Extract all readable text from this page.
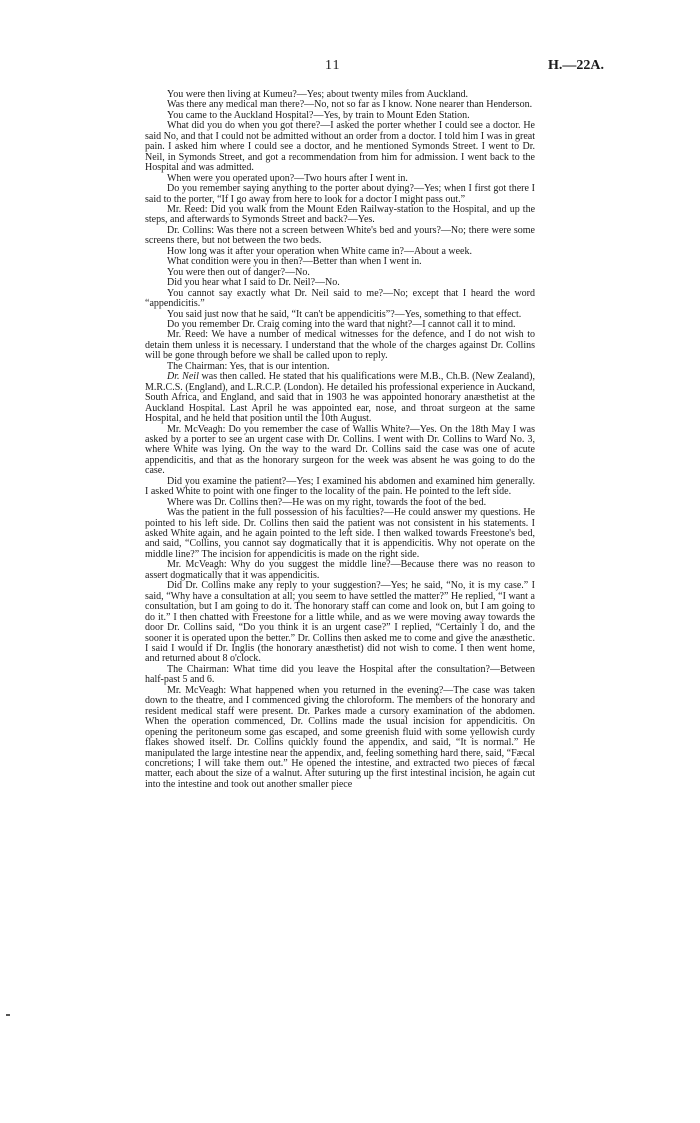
11	H.—22A.

You were then living at Kumeu?—Yes; about twenty miles from Auckland.

Was there any medical man there?—No, not so far as I know. None nearer than Henderson.

You came to the Auckland Hospital?—Yes, by train to Mount Eden Station.

What did you do when you got there?—I asked the porter whether I could see a doctor. He said No, and that I could not be admitted without an order from a doctor. I told him I was in great pain. I asked him where I could see a doctor, and he mentioned Symonds Street. I went to Dr. Neil, in Symonds Street, and got a recommendation from him for admission. I went back to the Hospital and was admitted.

When were you operated upon?—Two hours after I went in.

Do you remember saying anything to the porter about dying?—Yes; when I first got there I said to the porter, “If I go away from here to look for a doctor I might pass out.”

Mr. Reed: Did you walk from the Mount Eden Railway-station to the Hospital, and up the steps, and afterwards to Symonds Street and back?—Yes.

Dr. Collins: Was there not a screen between White's bed and yours?—No; there were some screens there, but not between the two beds.

How long was it after your operation when White came in?—About a week.

What condition were you in then?—Better than when I went in.

You were then out of danger?—No.

Did you hear what I said to Dr. Neil?—No.

You cannot say exactly what Dr. Neil said to me?—No; except that I heard the word “appendicitis.”

You said just now that he said, “It can't be appendicitis”?—Yes, something to that effect.

Do you remember Dr. Craig coming into the ward that night?—I cannot call it to mind.

Mr. Reed: We have a number of medical witnesses for the defence, and I do not wish to detain them unless it is necessary. I understand that the whole of the charges against Dr. Collins will be gone through before we shall be called upon to reply.

The Chairman: Yes, that is our intention.

Dr. Neil was then called. He stated that his qualifications were M.B., Ch.B. (New Zealand), M.R.C.S. (England), and L.R.C.P. (London). He detailed his professional experience in Auckand, South Africa, and England, and said that in 1903 he was appointed honorary anæsthetist at the Auckland Hospital. Last April he was appointed ear, nose, and throat surgeon at the same Hospital, and he held that position until the 10th August.

Mr. McVeagh: Do you remember the case of Wallis White?—Yes. On the 18th May I was asked by a porter to see an urgent case with Dr. Collins. I went with Dr. Collins to Ward No. 3, where White was lying. On the way to the ward Dr. Collins said the case was one of acute appendicitis, and that as the honorary surgeon for the week was absent he was going to do the case.

Did you examine the patient?—Yes; I examined his abdomen and examined him generally. I asked White to point with one finger to the locality of the pain. He pointed to the left side.

Where was Dr. Collins then?—He was on my right, towards the foot of the bed.

Was the patient in the full possession of his faculties?—He could answer my questions. He pointed to his left side. Dr. Collins then said the patient was not consistent in his statements. I asked White again, and he again pointed to the left side. I then walked towards Freestone's bed, and said, “Collins, you cannot say dogmatically that it is appendicitis. Why not operate on the middle line?” The incision for appendicitis is made on the right side.

Mr. McVeagh: Why do you suggest the middle line?—Because there was no reason to assert dogmatically that it was appendicitis.

Did Dr. Collins make any reply to your suggestion?—Yes; he said, “No, it is my case.” I said, “Why have a consultation at all; you seem to have settled the matter?” He replied, “I want a consultation, but I am going to do it. The honorary staff can come and look on, but I am going to do it.” I then chatted with Freestone for a little while, and as we were moving away towards the door Dr. Collins said, “Do you think it is an urgent case?” I replied, “Certainly I do, and the sooner it is operated upon the better.” Dr. Collins then asked me to come and give the anæsthetic. I said I would if Dr. Inglis (the honorary anæsthetist) did not wish to come. I then went home, and returned about 8 o'clock.

The Chairman: What time did you leave the Hospital after the consultation?—Between half-past 5 and 6.

Mr. McVeagh: What happened when you returned in the evening?—The case was taken down to the theatre, and I commenced giving the chloroform. The members of the honorary and resident medical staff were present. Dr. Parkes made a cursory examination of the abdomen. When the operation commenced, Dr. Collins made the usual incision for appendicitis. On opening the peritoneum some gas escaped, and some greenish fluid with some yellowish curdy flakes showed itself. Dr. Collins quickly found the appendix, and said, “It is normal.” He manipulated the large intestine near the appendix, and, feeling something hard there, said, “Fæcal concretions; I will take them out.” He opened the intestine, and extracted two pieces of fæcal matter, each about the size of a walnut. After suturing up the first intestinal incision, he again cut into the intestine and took out another smaller piece
